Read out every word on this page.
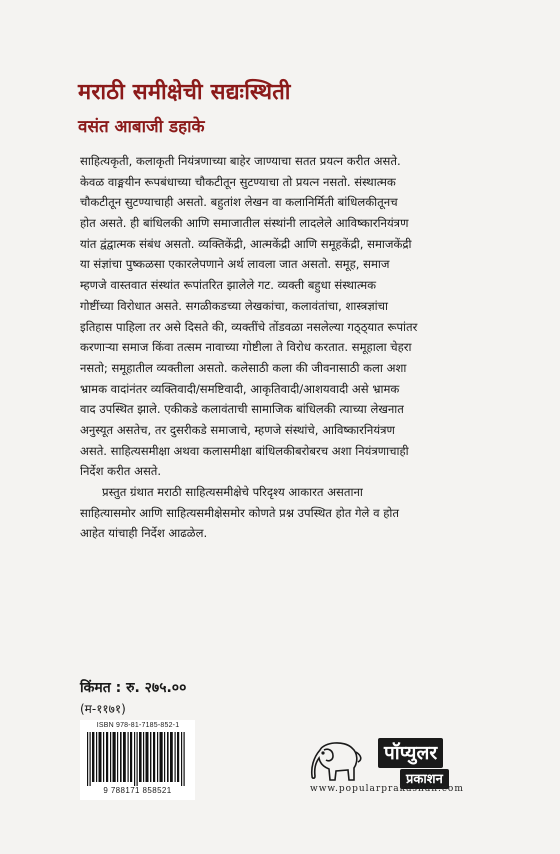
मराठी समीक्षेची सद्यःस्थिती
वसंत आबाजी डहाके
साहित्यकृती, कलाकृती नियंत्रणाच्या बाहेर जाण्याचा सतत प्रयत्न करीत असते.
केवळ वाङ्मयीन रूपबंधाच्या चौकटीतून सुटण्याचा तो प्रयत्न नसतो. संस्थात्मक
चौकटीतून सुटण्याचाही असतो. बहुतांश लेखन वा कलानिर्मिती बांधिलकीतूनच
होत असते. ही बांधिलकी आणि समाजातील संस्थांनी लादलेले आविष्कारनियंत्रण
यांत द्वंद्वात्मक संबंध असतो. व्यक्तिकेंद्री, आत्मकेंद्री आणि समूहकेंद्री, समाजकेंद्री
या संज्ञांचा पुष्कळसा एकारलेपणाने अर्थ लावला जात असतो. समूह, समाज
म्हणजे वास्तवात संस्थांत रूपांतरित झालेले गट. व्यक्ती बहुधा संस्थात्मक
गोष्टींच्या विरोधात असते. सगळीकडच्या लेखकांचा, कलावंतांचा, शास्त्रज्ञांचा
इतिहास पाहिला तर असे दिसते की, व्यक्तींचे तोंडवळा नसलेल्या गठ्ठ्यात रूपांतर
करणाऱ्या समाज किंवा तत्सम नावाच्या गोष्टीला ते विरोध करतात. समूहाला चेहरा
नसतो; समूहातील व्यक्तीला असतो. कलेसाठी कला की जीवनासाठी कला अशा
भ्रामक वादांनंतर व्यक्तिवादी/समष्टिवादी, आकृतिवादी/आशयवादी असे भ्रामक
वाद उपस्थित झाले. एकीकडे कलावंताची सामाजिक बांधिलकी त्याच्या लेखनात
अनुस्यूत असतेच, तर दुसरीकडे समाजाचे, म्हणजे संस्थांचे, आविष्कारनियंत्रण
असते. साहित्यसमीक्षा अथवा कलासमीक्षा बांधिलकीबरोबरच अशा नियंत्रणाचाही
निर्देश करीत असते.
प्रस्तुत ग्रंथात मराठी साहित्यसमीक्षेचे परिदृश्य आकारत असताना
साहित्यासमोर आणि साहित्यसमीक्षेसमोर कोणते प्रश्न उपस्थित होत गेले व होत
आहेत यांचाही निर्देश आढळेल.
किंमत : रु. २७५.००
(म-११७१)
ISBN 978-81-7185-852-1
9 788171 858521
पॉप्युलर
प्रकाशन
www.popularprakashan.com
